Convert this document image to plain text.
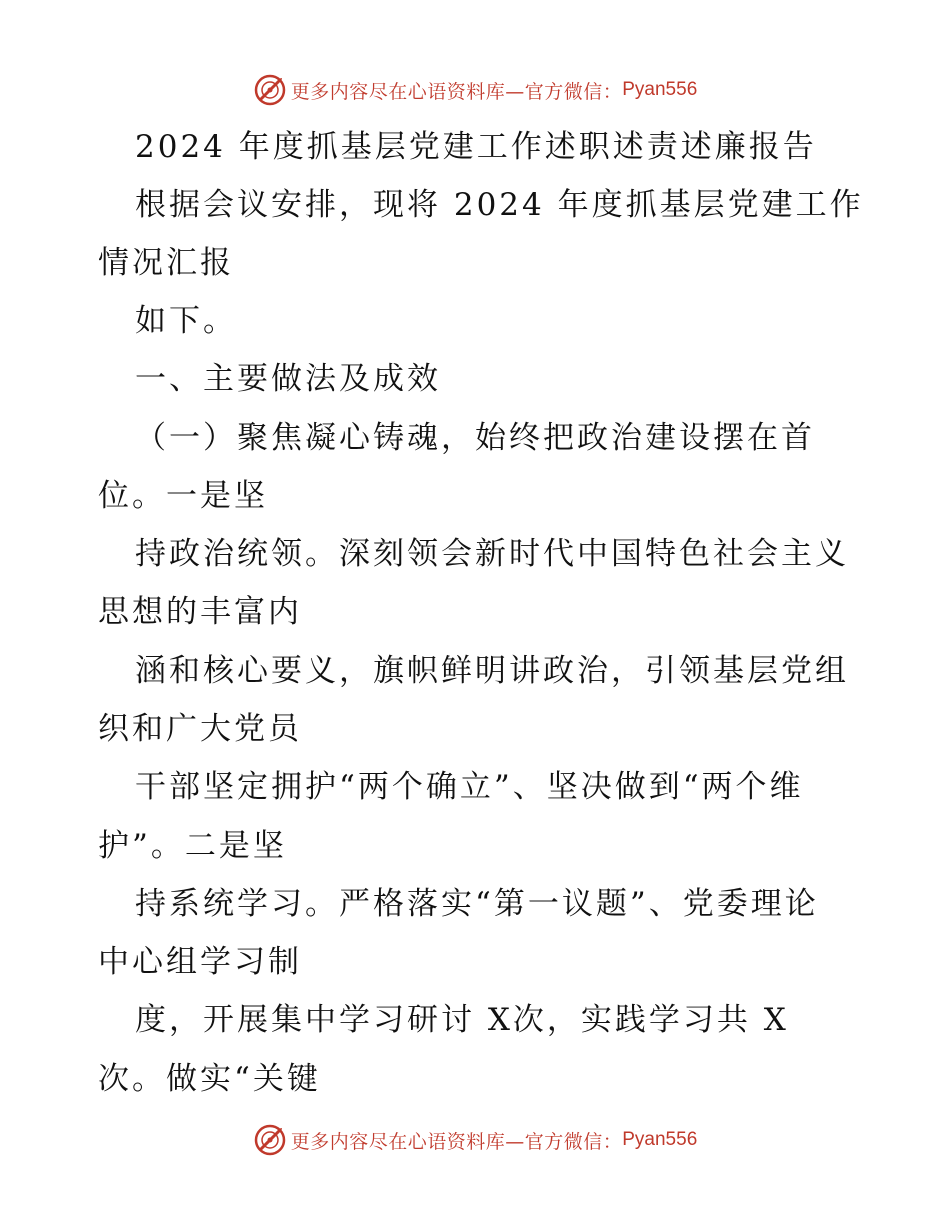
更多内容尽在心语资料库—官方微信： Pyan556
2024 年度抓基层党建工作述职述责述廉报告
根据会议安排，现将 2024 年度抓基层党建工作
情况汇报
如下。
一、主要做法及成效
（一）聚焦凝心铸魂，始终把政治建设摆在首
位。一是坚
持政治统领。深刻领会新时代中国特色社会主义
思想的丰富内
涵和核心要义，旗帜鲜明讲政治，引领基层党组
织和广大党员
干部坚定拥护“两个确立”、坚决做到“两个维
护”。二是坚
持系统学习。严格落实“第一议题”、党委理论
中心组学习制
度，开展集中学习研讨 X次，实践学习共 X
次。做实“关键
更多内容尽在心语资料库—官方微信： Pyan556
